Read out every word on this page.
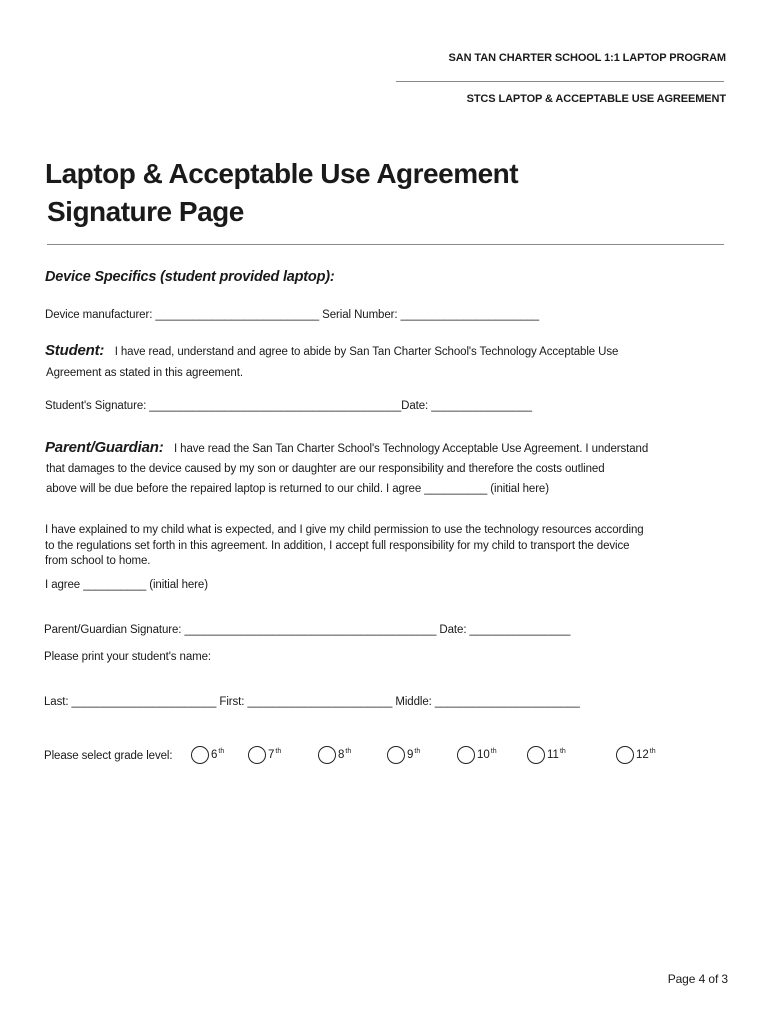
SAN TAN CHARTER SCHOOL 1:1 LAPTOP PROGRAM
STCS LAPTOP & ACCEPTABLE USE AGREEMENT
Laptop & Acceptable Use Agreement
Signature Page
Device Specifics (student provided laptop):
Device manufacturer: __________________________ Serial Number: ______________________
Student: I have read, understand and agree to abide by San Tan Charter School's Technology Acceptable Use
Agreement as stated in this agreement.
Student's Signature: ________________________________________Date: ________________
Parent/Guardian: I have read the San Tan Charter School's Technology Acceptable Use Agreement. I understand
that damages to the device caused by my son or daughter are our responsibility and therefore the costs outlined
above will be due before the repaired laptop is returned to our child. I agree __________ (initial here)
I have explained to my child what is expected, and I give my child permission to use the technology resources according
to the regulations set forth in this agreement. In addition, I accept full responsibility for my child to transport the device
from school to home.
I agree __________ (initial here)
Parent/Guardian Signature: ________________________________________ Date: ________________
Please print your student's name:
Last: _______________________ First: _______________________ Middle: _______________________
Please select grade level:	6th	7th	8th	9th	10th	11th	12th
Page 4 of 3
